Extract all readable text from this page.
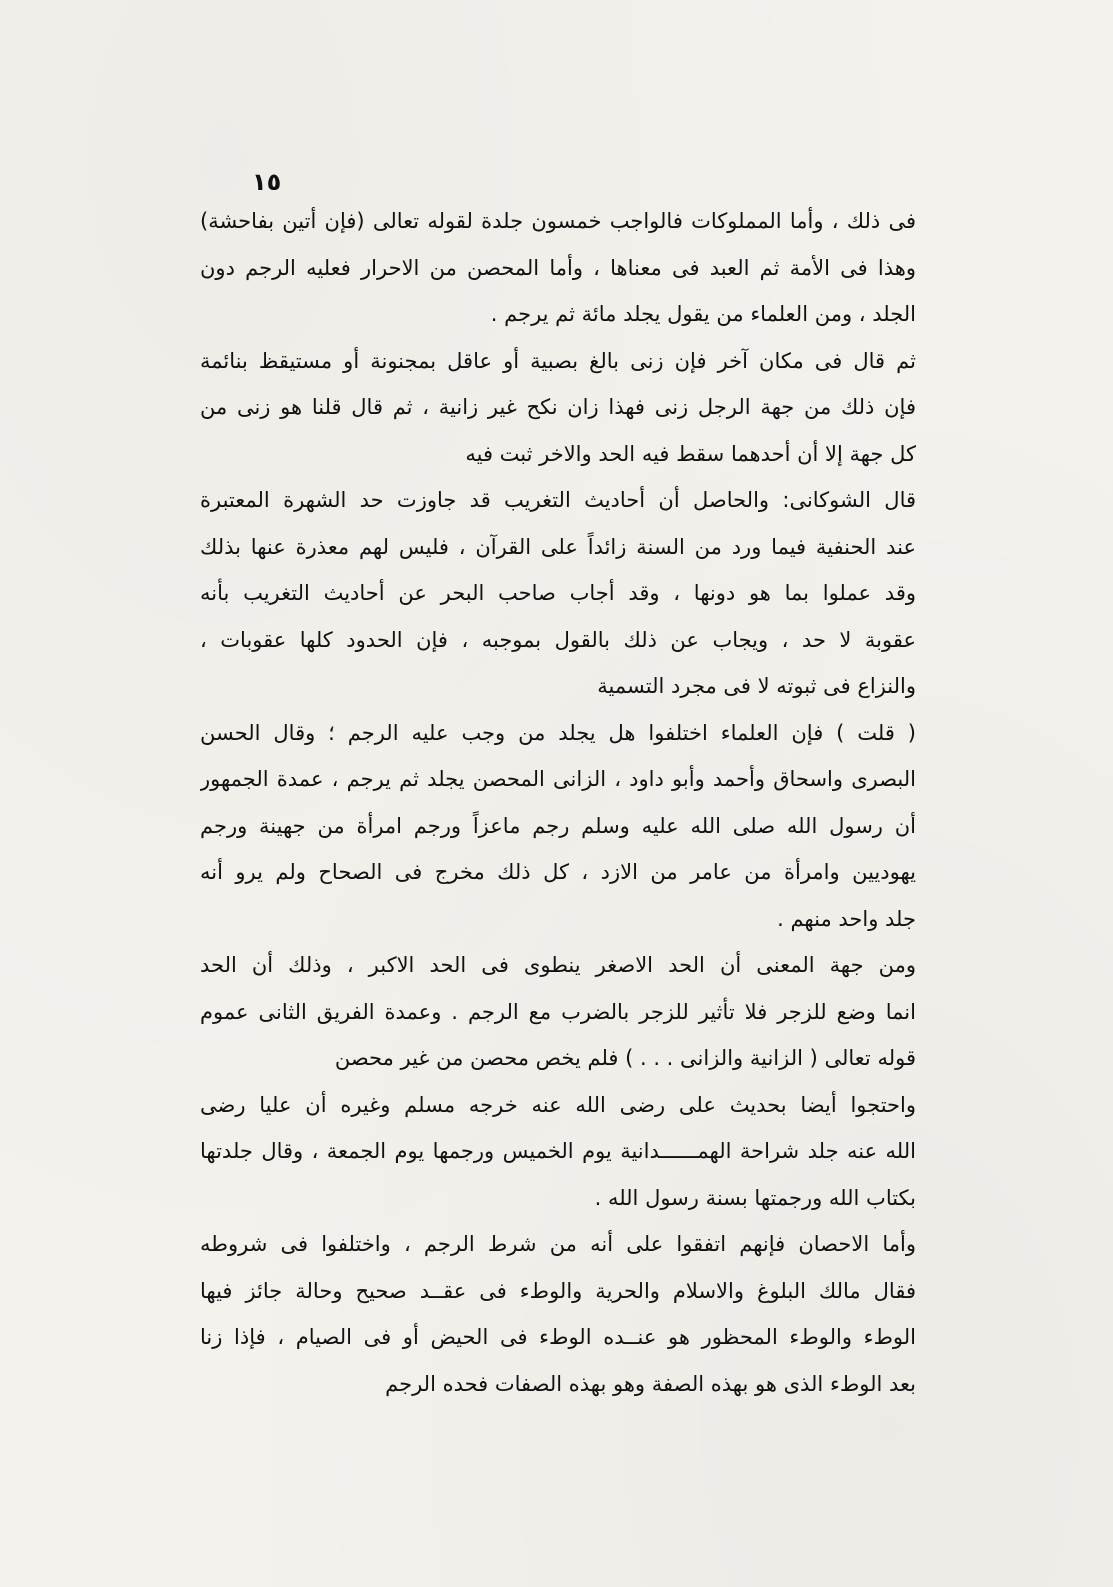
١٥
فى ذلك ، وأما المملوكات فالواجب خمسون جلدة لقوله تعالى (فإن أتين بفاحشة)
وهذا فى الأمة ثم العبد فى معناها ، وأما المحصن من الاحرار فعليه الرجم دون
الجلد ، ومن العلماء من يقول يجلد مائة ثم يرجم .
ثم قال فى مكان آخر فإن زنى بالغ بصبية أو عاقل بمجنونة أو مستيقظ بنائمة
فإن ذلك من جهة الرجل زنى فهذا زان نكح غير زانية ، ثم قال قلنا هو زنى من
كل جهة إلا أن أحدهما سقط فيه الحد والاخر ثبت فيه
قال الشوكانى: والحاصل أن أحاديث التغريب قد جاوزت حد الشهرة المعتبرة
عند الحنفية فيما ورد من السنة زائداً على القرآن ، فليس لهم معذرة عنها بذلك
وقد عملوا بما هو دونها ، وقد أجاب صاحب البحر عن أحاديث التغريب بأنه
عقوبة لا حد ، ويجاب عن ذلك بالقول بموجبه ، فإن الحدود كلها عقوبات ،
والنزاع فى ثبوته لا فى مجرد التسمية
( قلت ) فإن العلماء اختلفوا هل يجلد من وجب عليه الرجم ؛ وقال الحسن
البصرى واسحاق وأحمد وأبو داود ، الزانى المحصن يجلد ثم يرجم ، عمدة الجمهور
أن رسول الله صلى الله عليه وسلم رجم ماعزاً ورجم امرأة من جهينة ورجم
يهوديين وامرأة من عامر من الازد ، كل ذلك مخرج فى الصحاح ولم يرو أنه
جلد واحد منهم .
ومن جهة المعنى أن الحد الاصغر ينطوى فى الحد الاكبر ، وذلك أن الحد
انما وضع للزجر فلا تأثير للزجر بالضرب مع الرجم . وعمدة الفريق الثانى عموم
قوله تعالى ( الزانية والزانى . . . ) فلم يخص محصن من غير محصن
واحتجوا أيضا بحديث على رضى الله عنه خرجه مسلم وغيره أن عليا رضى
الله عنه جلد شراحة الهمــــــدانية يوم الخميس ورجمها يوم الجمعة ، وقال جلدتها
بكتاب الله ورجمتها بسنة رسول الله .
وأما الاحصان فإنهم اتفقوا على أنه من شرط الرجم ، واختلفوا فى شروطه
فقال مالك البلوغ والاسلام والحرية والوطء فى عقــد صحيح وحالة جائز فيها
الوطء والوطء المحظور هو عنــده الوطء فى الحيض أو فى الصيام ، فإذا زنا
بعد الوطء الذى هو بهذه الصفة وهو بهذه الصفات فحده الرجم
